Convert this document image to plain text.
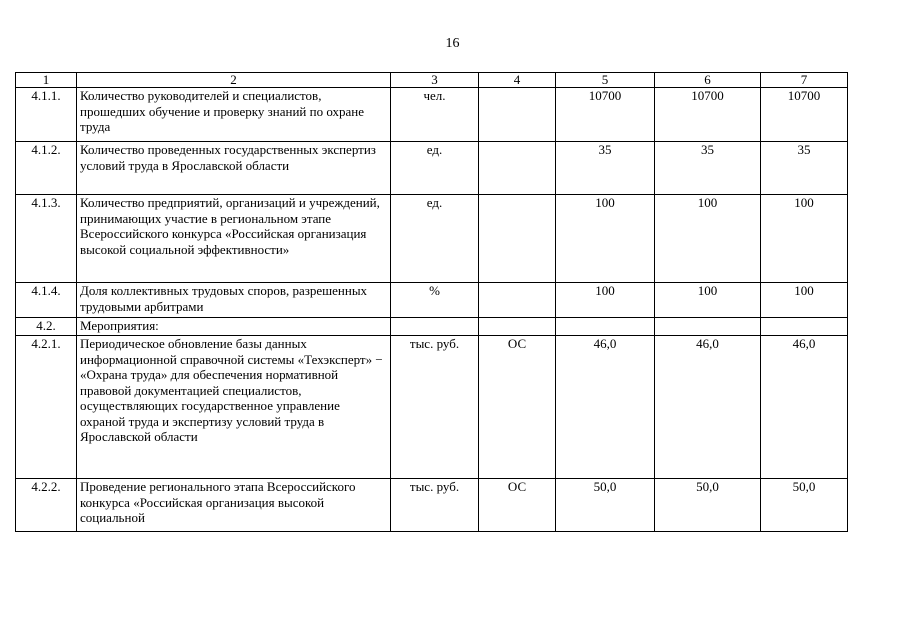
16
1	2	3	4	5	6	7
4.1.1.	Количество руководителей и специалистов, прошедших обучение и проверку знаний по охране труда	чел.		10700	10700	10700
4.1.2.	Количество проведенных государственных экспертиз условий труда в Ярославской области	ед.		35	35	35
4.1.3.	Количество предприятий, организаций и учреждений, принимающих участие в региональном этапе Всероссийского конкурса «Российская организация высокой социальной эффективности»	ед.		100	100	100
4.1.4.	Доля коллективных трудовых споров, разрешенных трудовыми арбитрами	%		100	100	100
4.2.	Мероприятия:					
4.2.1.	Периодическое обновление базы данных информационной справочной системы «Техэксперт» − «Охрана труда» для обеспечения нормативной правовой документацией специалистов, осуществляющих государственное управление охраной труда и экспертизу условий труда в Ярославской области	тыс. руб.	ОС	46,0	46,0	46,0
4.2.2.	Проведение регионального этапа Всероссийского конкурса «Российская организация высокой социальной	тыс. руб.	ОС	50,0	50,0	50,0
